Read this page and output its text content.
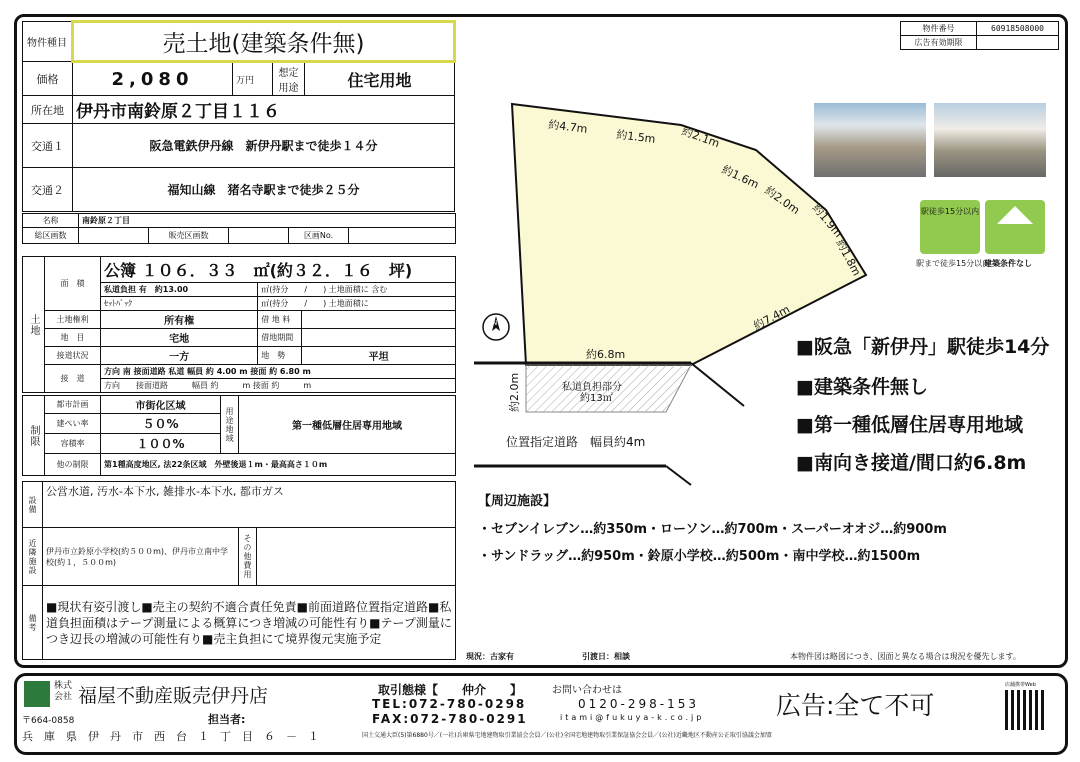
物件種目	売土地(建築条件無)			
価格	2,080	万円	想定用途	住宅用地
所在地	伊丹市南鈴原２丁目１１６			
交通１	阪急電鉄伊丹線　新伊丹駅まで徒歩１４分			
交通２	福知山線　猪名寺駅まで徒歩２５分			
名称	南鈴原２丁目				
総区画数		販売区画数		区画No.	
土地	面　積	公簿 １０６．３３　㎡(約３２．１６　坪)		
		私道負担 有　約13.00	㎡(持分　　/　　) 土地面積に 含む	
		ｾｯﾄﾊﾞｯｸ	㎡(持分　　/　　) 土地面積に	
	土地権利	所有権	借 地 料	
	地　目	宅地	借地期間	
	接道状況	一方	地　勢	平坦
	接　道	方向 南 接面道路 私道 幅員 約 4.00 m 接面 約 6.80 m		
		方向　　接面道路　　　幅員 約　　　m 接面 約　　　m		
制限	都市計画	市街化区域	用途地域	第一種低層住居専用地域
	建ぺい率	５０%		
	容積率	１００%		
	他の制限	第1種高度地区, 法22条区域　外壁後退１m・最高高さ１０m		
設備	公営水道, 汚水-本下水, 雑排水-本下水, 都市ガス		
近隣施設	伊丹市立鈴原小学校(約５００m)、伊丹市立南中学校(約１，５００m)	その他費用	
備考	■現状有姿引渡し■売主の契約不適合責任免責■前面道路位置指定道路■私道負担面積はテープ測量による概算につき増減の可能性有り■テープ測量につき辺長の増減の可能性有り■売主負担にて境界復元実施予定		
現況：古家有	引渡日：相談	本物件図は略図につき、図面と異なる場合は現況を優先します。
物件番号	60918508000
広告有効期限	
N
約4.7m
約1.5m 約2.1m
約1.6m
約2.0m
約1.9m
約1.8m
約7.4m
約6.8m
約2.0m	私道負担部分
約13㎡
位置指定道路　幅員約4m
駅徒歩15分以内
駅まで徒歩15分以内
建築条件なし
■阪急「新伊丹」駅徒歩14分
■建築条件無し
■第一種低層住居専用地域
■南向き接道/間口約6.8m
【周辺施設】
・セブンイレブン…約350m・ローソン…約700m・スーパーオオジ…約900m
・サンドラッグ…約950m・鈴原小学校…約500m・南中学校…約1500m
株式会社 福屋不動産販売伊丹店
〒664-0858	担当者:
兵　庫　県　伊　丹　市　西　台　１　丁　目　６　－　１
取引態様【　　仲介　　】	お問い合わせは
TEL:072-780-0298	0120-298-153
FAX:072-780-0291	itami@fukuya-k.co.jp	広告:全て不可
国土交通大臣(5)第6880号／(一社)兵庫県宅地建物取引業協会会員／(公社)全国宅地建物取引業保証協会会員／(公社)近畿地区不動産公正取引協議会加盟
店舗携帯Web
